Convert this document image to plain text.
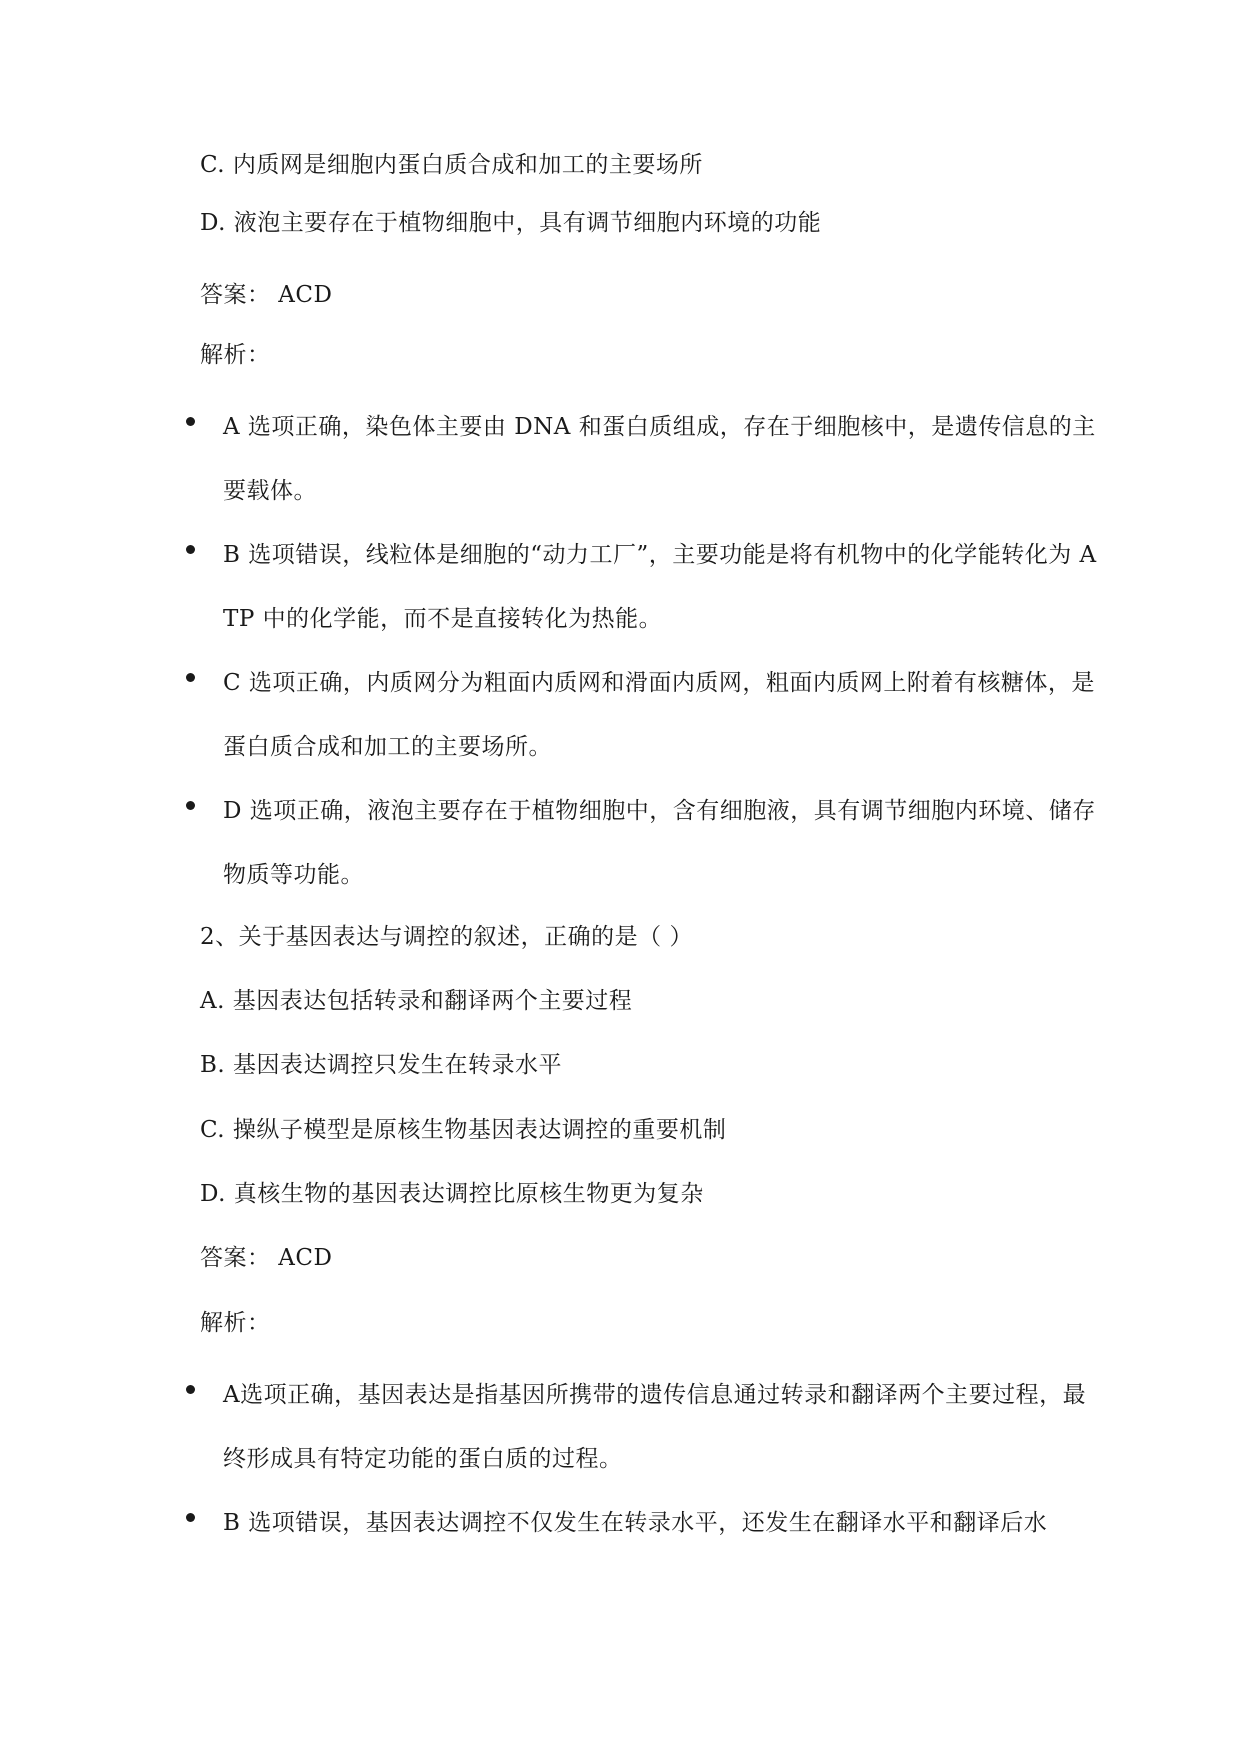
C. 内质网是细胞内蛋白质合成和加工的主要场所
D. 液泡主要存在于植物细胞中，具有调节细胞内环境的功能
答案： ACD
解析：
A 选项正确，染色体主要由 DNA 和蛋白质组成，存在于细胞核中，是遗传信息的主要载体。
B 选项错误，线粒体是细胞的“动力工厂”，主要功能是将有机物中的化学能转化为 ATP 中的化学能，而不是直接转化为热能。
C 选项正确，内质网分为粗面内质网和滑面内质网，粗面内质网上附着有核糖体，是蛋白质合成和加工的主要场所。
D 选项正确，液泡主要存在于植物细胞中，含有细胞液，具有调节细胞内环境、储存物质等功能。
2、关于基因表达与调控的叙述，正确的是（ ）
A. 基因表达包括转录和翻译两个主要过程
B. 基因表达调控只发生在转录水平
C. 操纵子模型是原核生物基因表达调控的重要机制
D. 真核生物的基因表达调控比原核生物更为复杂
答案： ACD
解析：
A选项正确，基因表达是指基因所携带的遗传信息通过转录和翻译两个主要过程，最终形成具有特定功能的蛋白质的过程。
B 选项错误，基因表达调控不仅发生在转录水平，还发生在翻译水平和翻译后水
